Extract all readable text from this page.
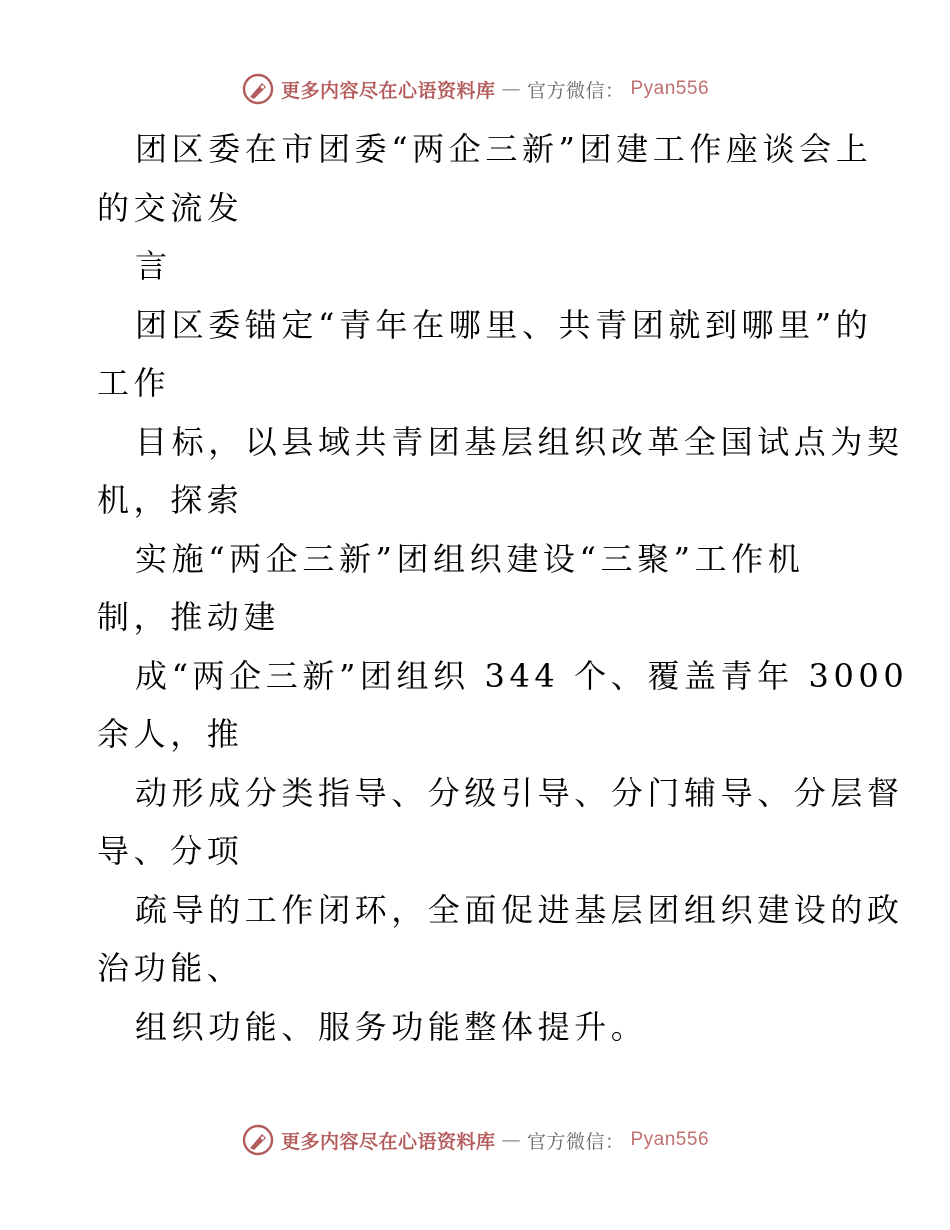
更多内容尽在心语资料库 — 官方微信： Pyan556
团区委在市团委“两企三新”团建工作座谈会上
的交流发
言
团区委锚定“青年在哪里、共青团就到哪里”的
工作
目标，以县域共青团基层组织改革全国试点为契
机，探索
实施“两企三新”团组织建设“三聚”工作机
制，推动建
成“两企三新”团组织 344 个、覆盖青年 3000
余人，推
动形成分类指导、分级引导、分门辅导、分层督
导、分项
疏导的工作闭环，全面促进基层团组织建设的政
治功能、
组织功能、服务功能整体提升。
更多内容尽在心语资料库 — 官方微信： Pyan556
